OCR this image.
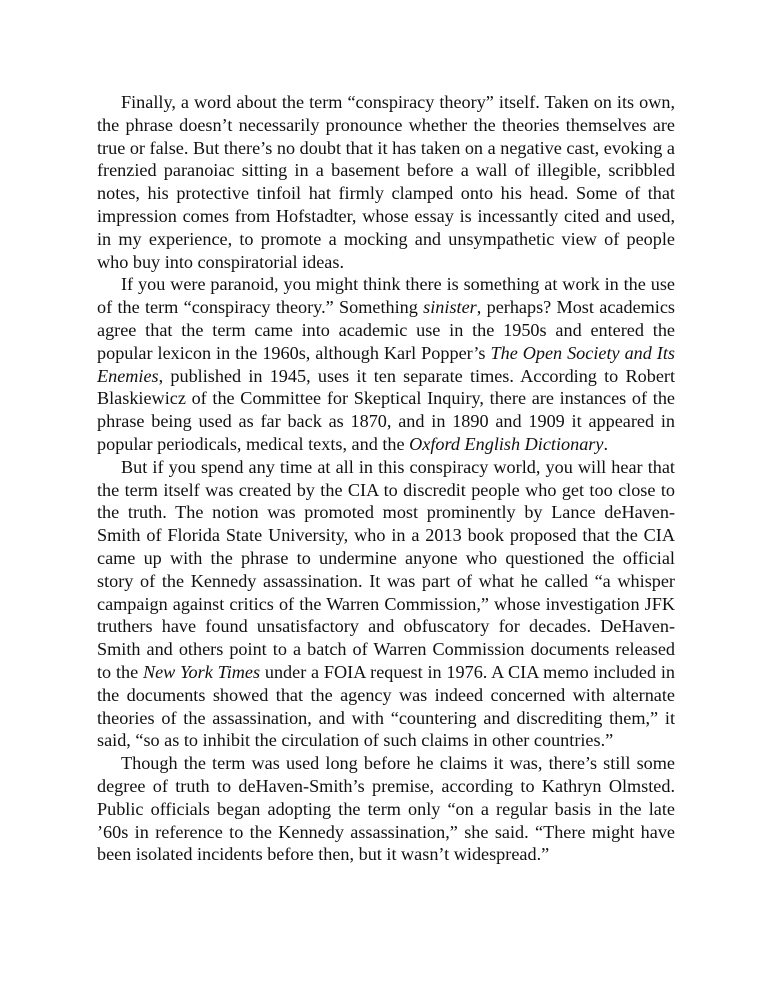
Finally, a word about the term “conspiracy theory” itself. Taken on its own, the phrase doesn’t necessarily pronounce whether the theories themselves are true or false. But there’s no doubt that it has taken on a negative cast, evoking a frenzied paranoiac sitting in a basement before a wall of illegible, scribbled notes, his protective tinfoil hat firmly clamped onto his head. Some of that impression comes from Hofstadter, whose essay is incessantly cited and used, in my experience, to promote a mocking and unsympathetic view of people who buy into conspiratorial ideas.

If you were paranoid, you might think there is something at work in the use of the term “conspiracy theory.” Something sinister, perhaps? Most academics agree that the term came into academic use in the 1950s and entered the popular lexicon in the 1960s, although Karl Popper’s The Open Society and Its Enemies, published in 1945, uses it ten separate times. According to Robert Blaskiewicz of the Committee for Skeptical Inquiry, there are instances of the phrase being used as far back as 1870, and in 1890 and 1909 it appeared in popular periodicals, medical texts, and the Oxford English Dictionary.

But if you spend any time at all in this conspiracy world, you will hear that the term itself was created by the CIA to discredit people who get too close to the truth. The notion was promoted most prominently by Lance deHaven-Smith of Florida State University, who in a 2013 book proposed that the CIA came up with the phrase to undermine anyone who questioned the official story of the Kennedy assassination. It was part of what he called “a whisper campaign against critics of the Warren Commission,” whose investigation JFK truthers have found unsatisfactory and obfuscatory for decades. DeHaven-Smith and others point to a batch of Warren Commission documents released to the New York Times under a FOIA request in 1976. A CIA memo included in the documents showed that the agency was indeed concerned with alternate theories of the assassination, and with “countering and discrediting them,” it said, “so as to inhibit the circulation of such claims in other countries.”

Though the term was used long before he claims it was, there’s still some degree of truth to deHaven-Smith’s premise, according to Kathryn Olmsted. Public officials began adopting the term only “on a regular basis in the late ’60s in reference to the Kennedy assassination,” she said. “There might have been isolated incidents before then, but it wasn’t widespread.”
